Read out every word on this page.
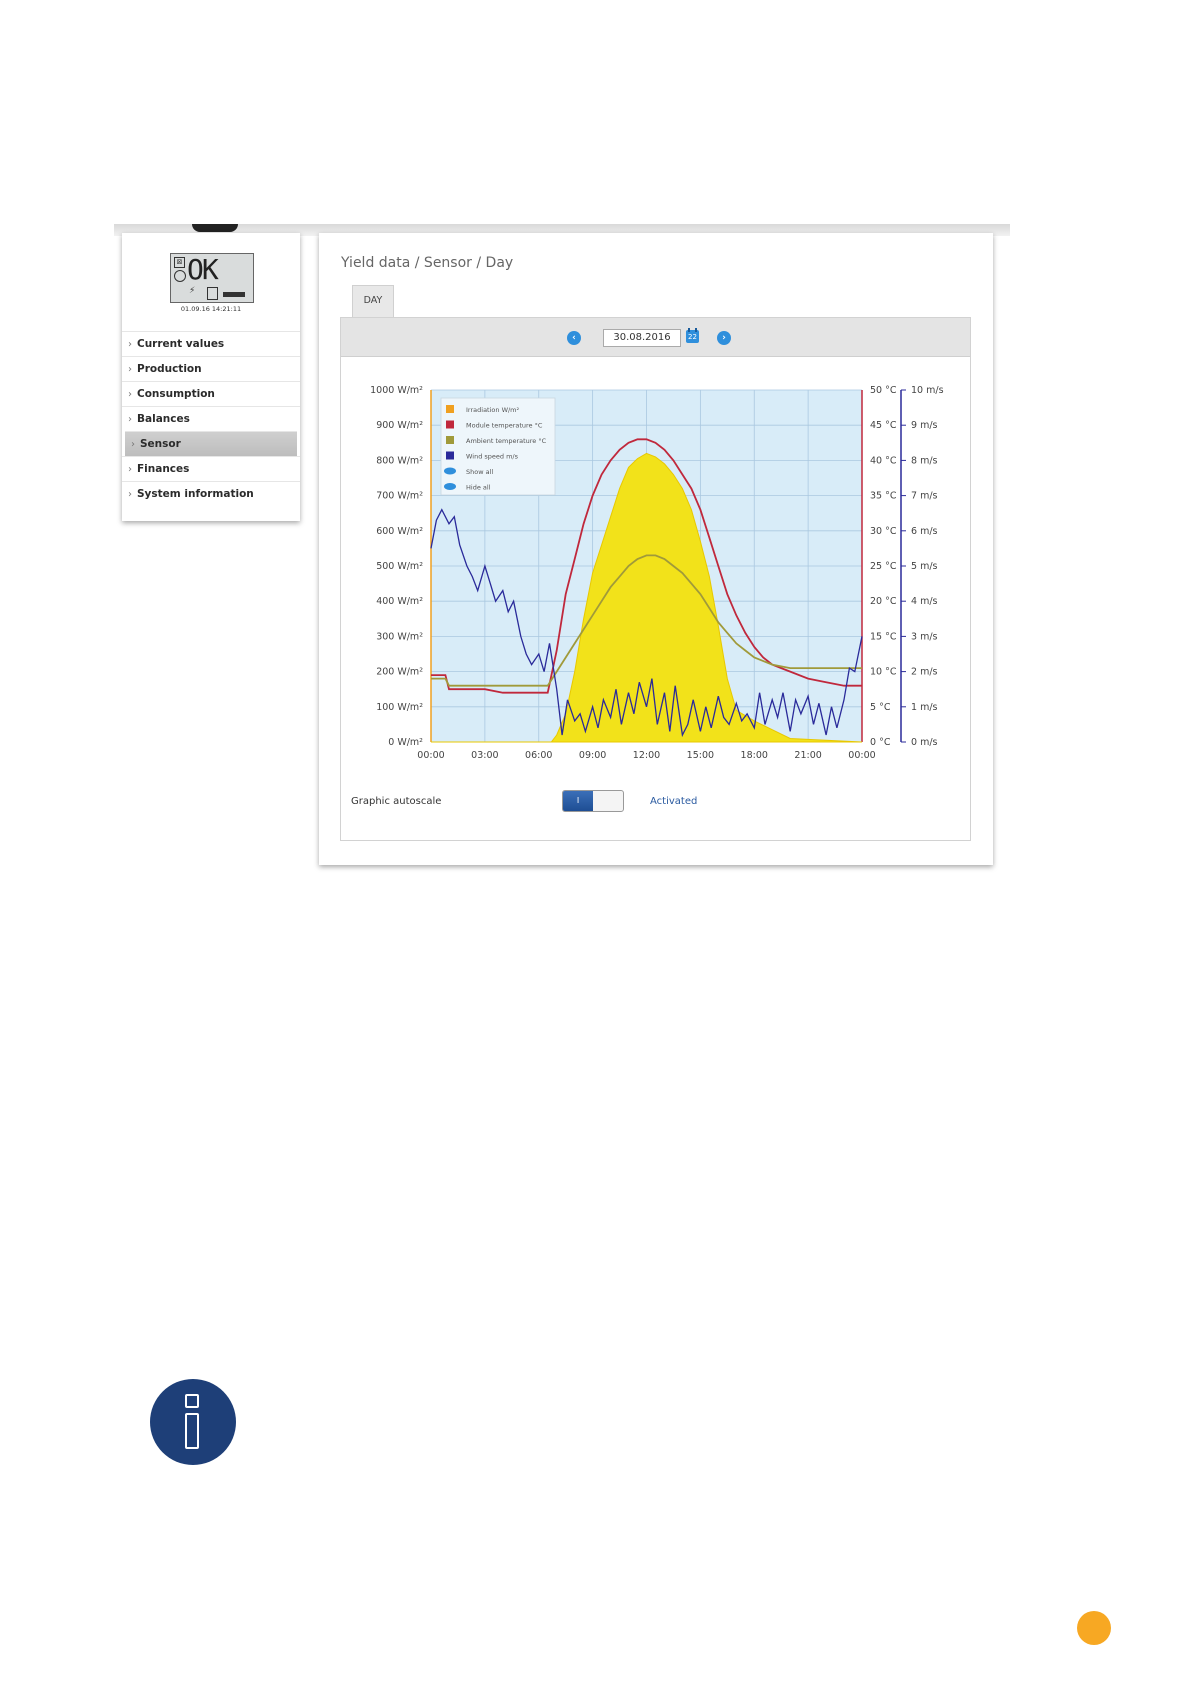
⊠ OK
⚡
01.09.16 14:21:11
› Current values
› Production
› Consumption
› Balances
› Sensor
› Finances
› System information
Yield data / Sensor / Day
DAY
‹	30.08.2016	22	›
00:00	03:00	06:00	09:00	12:00	15:00	18:00	21:00	00:00
0 W/m²	0 °C 0 m/s
100 W/m²	5 °C 1 m/s
200 W/m²	10 °C 2 m/s
300 W/m²	15 °C 3 m/s
400 W/m²	20 °C 4 m/s
500 W/m²	25 °C 5 m/s
600 W/m²	30 °C 6 m/s
700 W/m²	35 °C 7 m/s
800 W/m²	40 °C 8 m/s
900 W/m²	45 °C 9 m/s
1000 W/m²	50 °C 10 m/s
Irradiation W/m²
Module temperature °C
Ambient temperature °C
Wind speed m/s
Show all
Hide all
Graphic autoscale	I	Activated
